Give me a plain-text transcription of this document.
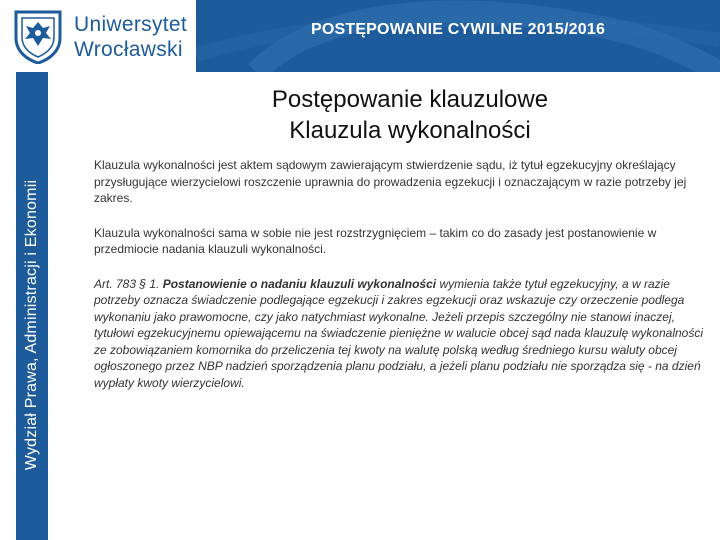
Uniwersytet
Wrocławski
POSTĘPOWANIE CYWILNE 2015/2016
Wydział Prawa, Administracji i Ekonomii
Postępowanie klauzulowe
Klauzula wykonalności

Klauzula wykonalności jest aktem sądowym zawierającym stwierdzenie sądu, iż tytuł egzekucyjny określający przysługujące wierzycielowi roszczenie uprawnia do prowadzenia egzekucji i oznaczającym w razie potrzeby jej zakres.

Klauzula wykonalności sama w sobie nie jest rozstrzygnięciem – takim co do zasady jest postanowienie w przedmiocie nadania klauzuli wykonalności.

Art. 783 § 1. Postanowienie o nadaniu klauzuli wykonalności wymienia także tytuł egzekucyjny, a w razie potrzeby oznacza świadczenie podlegające egzekucji i zakres egzekucji oraz wskazuje czy orzeczenie podlega wykonaniu jako prawomocne, czy jako natychmiast wykonalne. Jeżeli przepis szczególny nie stanowi inaczej, tytułowi egzekucyjnemu opiewającemu na świadczenie pieniężne w walucie obcej sąd nada klauzulę wykonalności ze zobowiązaniem komornika do przeliczenia tej kwoty na walutę polską według średniego kursu waluty obcej ogłoszonego przez NBP nadzień sporządzenia planu podziału, a jeżeli planu podziału nie sporządza się - na dzień wypłaty kwoty wierzycielowi.
